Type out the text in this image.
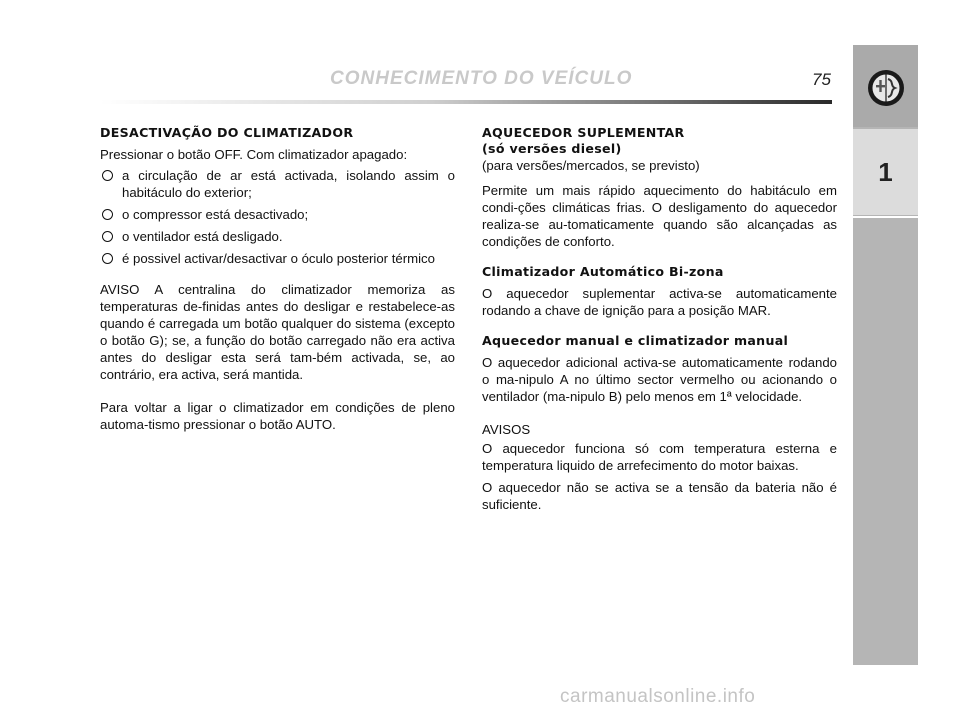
CONHECIMENTO DO VEÍCULO	75
1
DESACTIVAÇÃO DO CLIMATIZADOR

Pressionar o botão OFF. Com climatizador apagado:

a circulação de ar está activada, isolando assim o habitáculo do exterior;
o compressor está desactivado;
o ventilador está desligado.
é possivel activar/desactivar o óculo posterior térmico

AVISO A centralina do climatizador memoriza as temperaturas de-finidas antes do desligar e restabelece-as quando é carregada um botão qualquer do sistema (excepto o botão G); se, a função do botão carregado não era activa antes do desligar esta será tam-bém activada, se, ao contrário, era activa, será mantida.

Para voltar a ligar o climatizador em condições de pleno automa-tismo pressionar o botão AUTO.

AQUECEDOR SUPLEMENTAR
(só versões diesel)

(para versões/mercados, se previsto)

Permite um mais rápido aquecimento do habitáculo em condi-ções climáticas frias. O desligamento do aquecedor realiza-se au-tomaticamente quando são alcançadas as condições de conforto.

Climatizador Automático Bi-zona

O aquecedor suplementar activa-se automaticamente rodando a chave de ignição para a posição MAR.

Aquecedor manual e climatizador manual

O aquecedor adicional activa-se automaticamente rodando o ma-nipulo A no último sector vermelho ou acionando o ventilador (ma-nipulo B) pelo menos em 1ª velocidade.

AVISOS

O aquecedor funciona só com temperatura esterna e temperatura liquido de arrefecimento do motor baixas.

O aquecedor não se activa se a tensão da bateria não é suficiente.

carmanualsonline.info
